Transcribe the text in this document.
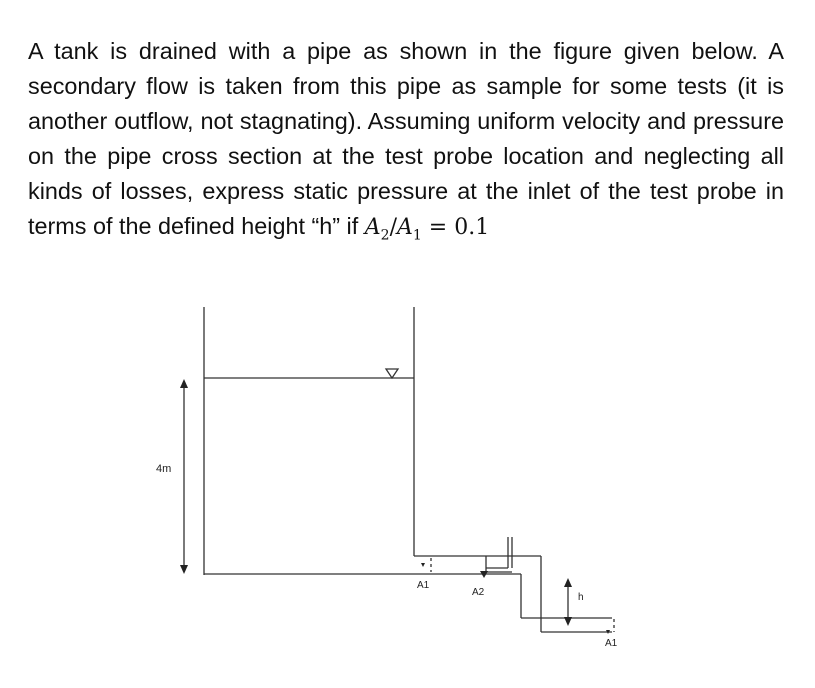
A tank is drained with a pipe as shown in the figure given below. A secondary flow is taken from this pipe as sample for some tests (it is another outflow, not stagnating). Assuming uniform velocity and pressure on the pipe cross section at the test probe location and neglecting all kinds of losses, express static pressure at the inlet of the test probe in terms of the defined height “h” if $A_2/A_1 = 0.1$

4m
A1
A2	h
A1
